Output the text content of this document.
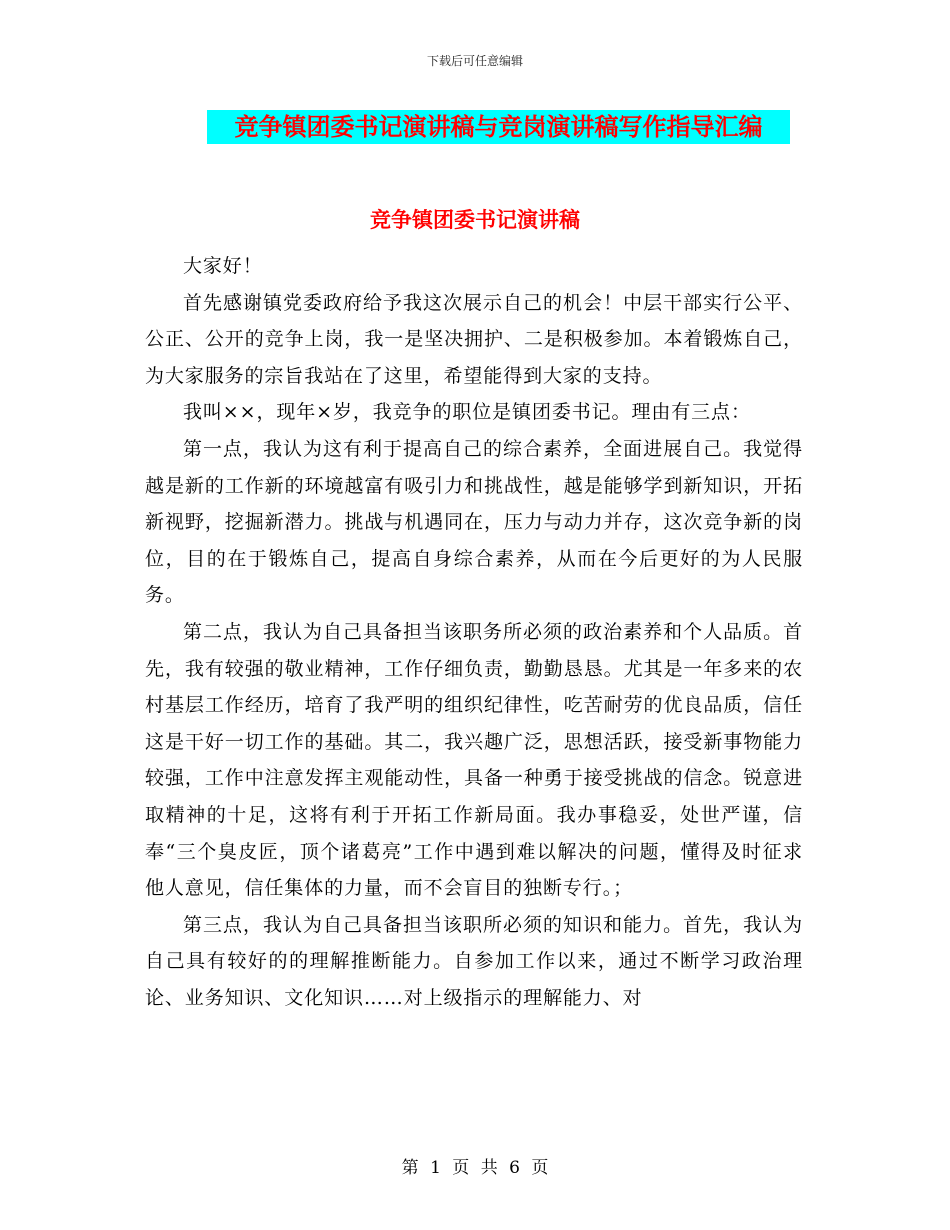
下载后可任意编辑
竞争镇团委书记演讲稿与竞岗演讲稿写作指导汇编
竞争镇团委书记演讲稿

大家好！

首先感谢镇党委政府给予我这次展示自己的机会！中层干部实行公平、公正、公开的竞争上岗，我一是坚决拥护、二是积极参加。本着锻炼自己，为大家服务的宗旨我站在了这里，希望能得到大家的支持。

我叫××，现年×岁，我竞争的职位是镇团委书记。理由有三点：

第一点，我认为这有利于提高自己的综合素养，全面进展自己。我觉得越是新的工作新的环境越富有吸引力和挑战性，越是能够学到新知识，开拓新视野，挖掘新潜力。挑战与机遇同在，压力与动力并存，这次竞争新的岗位，目的在于锻炼自己，提高自身综合素养，从而在今后更好的为人民服务。

第二点，我认为自己具备担当该职务所必须的政治素养和个人品质。首先，我有较强的敬业精神，工作仔细负责，勤勤恳恳。尤其是一年多来的农村基层工作经历，培育了我严明的组织纪律性，吃苦耐劳的优良品质，信任这是干好一切工作的基础。其二，我兴趣广泛，思想活跃，接受新事物能力较强，工作中注意发挥主观能动性，具备一种勇于接受挑战的信念。锐意进取精神的十足，这将有利于开拓工作新局面。我办事稳妥，处世严谨，信奉“三个臭皮匠，顶个诸葛亮”工作中遇到难以解决的问题，懂得及时征求他人意见，信任集体的力量，而不会盲目的独断专行。；

第三点，我认为自己具备担当该职所必须的知识和能力。首先，我认为自己具有较好的的理解推断能力。自参加工作以来，通过不断学习政治理论、业务知识、文化知识……对上级指示的理解能力、对

第 1 页 共 6 页
